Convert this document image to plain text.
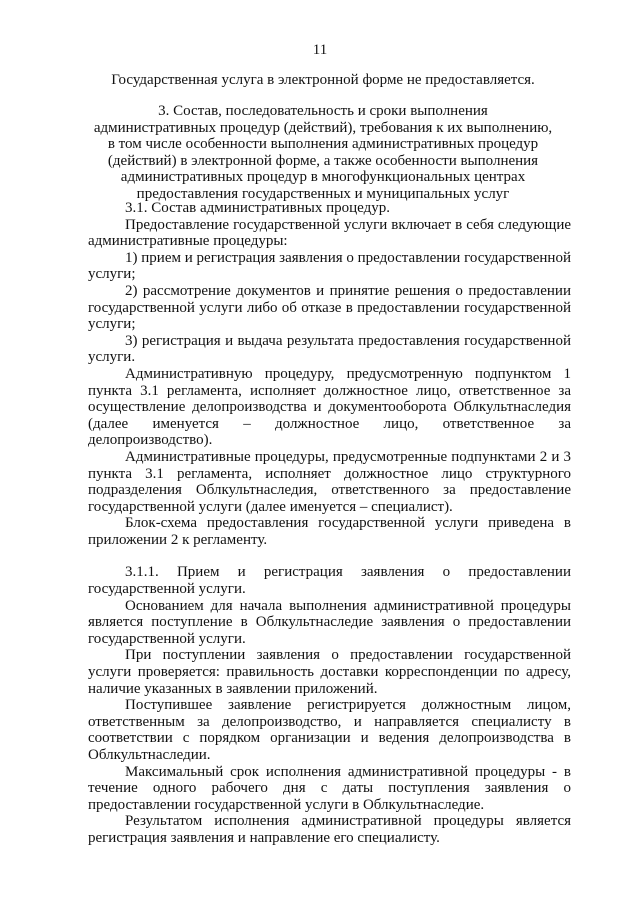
11
Государственная услуга в электронной форме не предоставляется.
3. Состав, последовательность и сроки выполнения
административных процедур (действий), требования к их выполнению,
в том числе особенности выполнения административных процедур
(действий) в электронной форме, а также особенности выполнения
административных процедур в многофункциональных центрах
предоставления государственных и муниципальных услуг

3.1. Состав административных процедур.

Предоставление государственной услуги включает в себя следующие административные процедуры:

1) прием и регистрация заявления о предоставлении государственной услуги;

2) рассмотрение документов и принятие решения о предоставлении государственной услуги либо об отказе в предоставлении государственной услуги;

3) регистрация и выдача результата предоставления государственной услуги.

Административную процедуру, предусмотренную подпунктом 1 пункта 3.1 регламента, исполняет должностное лицо, ответственное за осуществление делопроизводства и документооборота Облкультнаследия (далее именуется – должностное лицо, ответственное за делопроизводство).

Административные процедуры, предусмотренные подпунктами 2 и 3 пункта 3.1 регламента, исполняет должностное лицо структурного подразделения Облкультнаследия, ответственного за предоставление государственной услуги (далее именуется – специалист).

Блок-схема предоставления государственной услуги приведена в приложении 2 к регламенту.

3.1.1. Прием и регистрация заявления о предоставлении государственной услуги.

Основанием для начала выполнения административной процедуры является поступление в Облкультнаследие заявления о предоставлении государственной услуги.

При поступлении заявления о предоставлении государственной услуги проверяется: правильность доставки корреспонденции по адресу, наличие указанных в заявлении приложений.

Поступившее заявление регистрируется должностным лицом, ответственным за делопроизводство, и направляется специалисту в соответствии с порядком организации и ведения делопроизводства в Облкультнаследии.

Максимальный срок исполнения административной процедуры - в течение одного рабочего дня с даты поступления заявления о предоставлении государственной услуги в Облкультнаследие.

Результатом исполнения административной процедуры является регистрация заявления и направление его специалисту.
